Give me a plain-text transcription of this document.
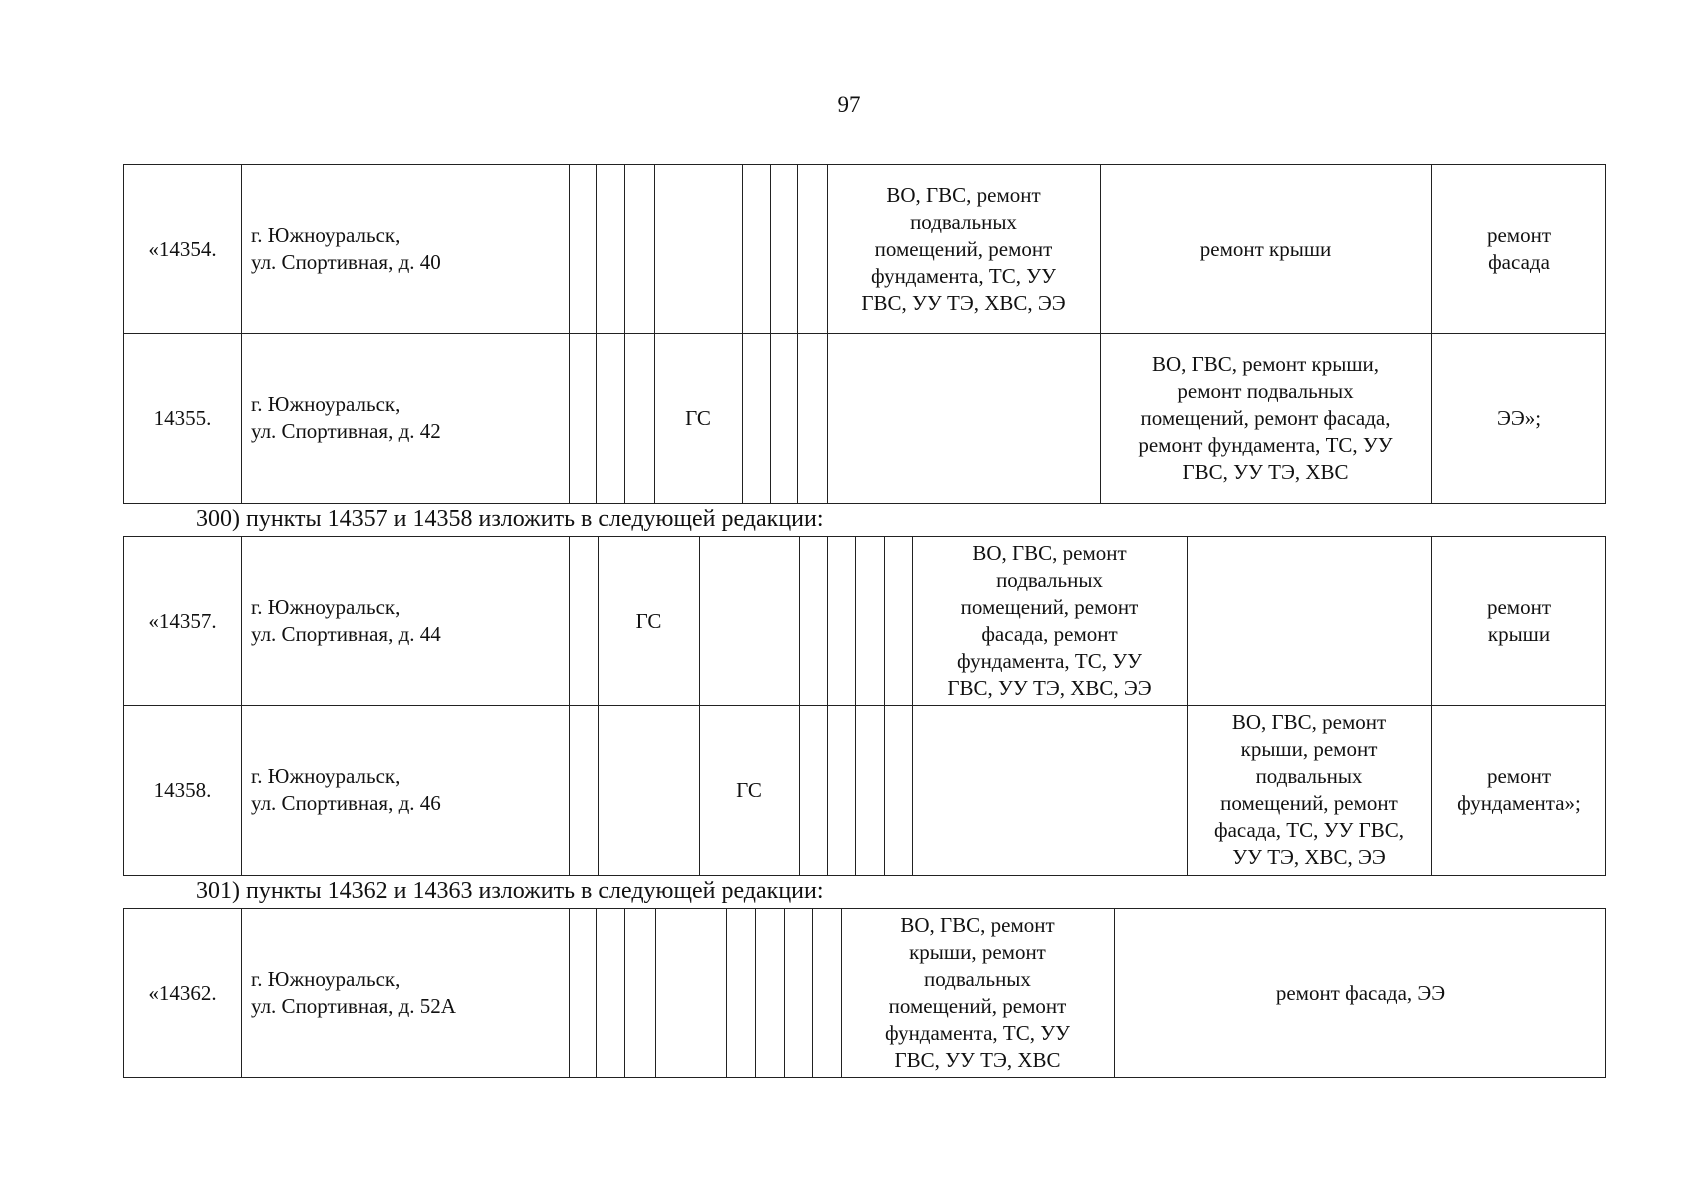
97
«14354.
г. Южноуральск,
ул. Спортивная, д. 40
ВО, ГВС, ремонт
подвальных
помещений, ремонт
фундамента, ТС, УУ
ГВС, УУ ТЭ, ХВС, ЭЭ
ремонт крыши
ремонт
фасада
14355.
г. Южноуральск,
ул. Спортивная, д. 42
ГС
ВО, ГВС, ремонт крыши,
ремонт подвальных
помещений, ремонт фасада,
ремонт фундамента, ТС, УУ
ГВС, УУ ТЭ, ХВС
ЭЭ»;
300) пункты 14357 и 14358 изложить в следующей редакции:
«14357.
г. Южноуральск,
ул. Спортивная, д. 44
ГС
ВО, ГВС, ремонт
подвальных
помещений, ремонт
фасада, ремонт
фундамента, ТС, УУ
ГВС, УУ ТЭ, ХВС, ЭЭ
ремонт
крыши
14358.
г. Южноуральск,
ул. Спортивная, д. 46
ГС
ВО, ГВС, ремонт
крыши, ремонт
подвальных
помещений, ремонт
фасада, ТС, УУ ГВС,
УУ ТЭ, ХВС, ЭЭ
ремонт
фундамента»;
301) пункты 14362 и 14363 изложить в следующей редакции:
«14362.
г. Южноуральск,
ул. Спортивная, д. 52А
ВО, ГВС, ремонт
крыши, ремонт
подвальных
помещений, ремонт
фундамента, ТС, УУ
ГВС, УУ ТЭ, ХВС
ремонт фасада, ЭЭ
